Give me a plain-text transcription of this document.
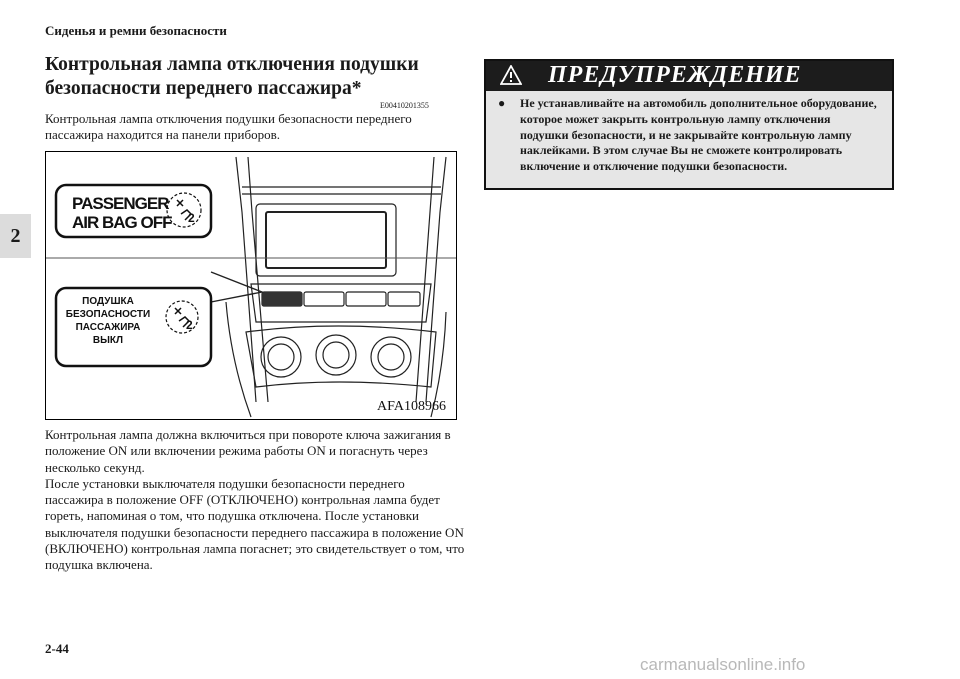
Сиденья и ремни безопасности
2
Контрольная лампа отключения подушки безопасности переднего пассажира*
E00410201355
Контрольная лампа отключения подушки безопасности переднего пассажира находится на панели приборов.
PASSENGER
AIR BAG OFF 2
ПОДУШКА
БЕЗОПАСНОСТИ
ПАССАЖИРА
ВЫКЛ
2
AFA108966

Контрольная лампа должна включиться при повороте ключа зажигания в положение ON или включении режима работы ON и погаснуть через несколько секунд.

После установки выключателя подушки безопасности переднего пассажира в положение OFF (ОТКЛЮЧЕНО) контрольная лампа будет гореть, напоминая о том, что подушка отключена. После установки выключателя подушки безопасности переднего пассажира в положение ON (ВКЛЮЧЕНО) контрольная лампа погаснет; это свидетельствует о том, что подушка включена.

ПРЕДУПРЕЖДЕНИЕ
● Не устанавливайте на автомобиль дополнительное оборудование, которое может закрыть контрольную лампу отключения подушки безопасности, и не закрывайте контрольную лампу наклейками. В этом случае Вы не сможете контролировать включение и отключение подушки безопасности.
2-44
carmanualsonline.info
